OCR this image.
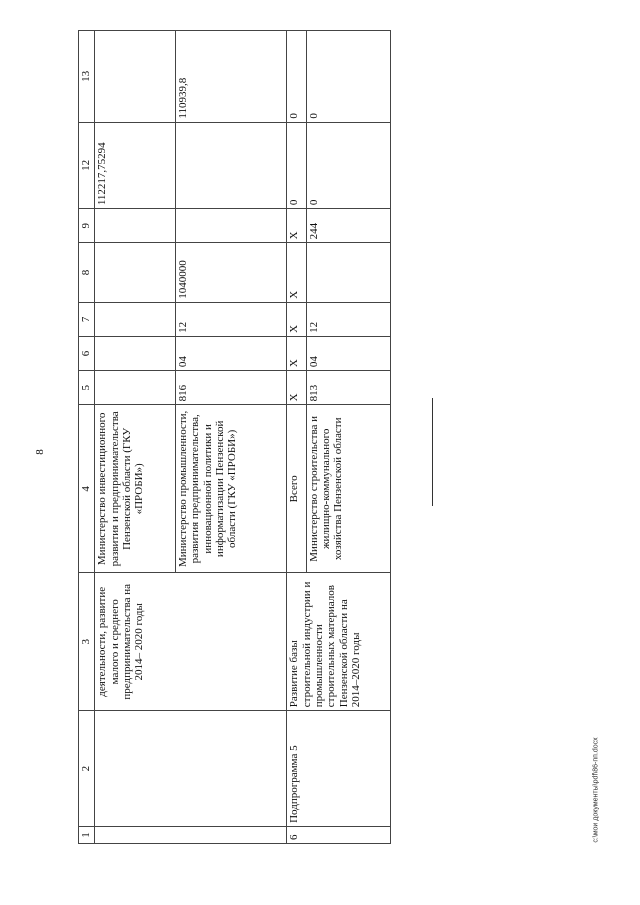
8
c:\мои документы\pdf\86-пп.docx
1	2	3	4	5	6	7	8	9	12	13
		деятельности, развитие малого и среднего предпринимательства на 2014– 2020 годы	Министерство инвестиционного развития и предпринимательства Пензенской области (ГКУ «ПРОБИ»)						112217,75294	
			Министерство промышленности, развития предпринимательства, инновационной политики и информатизации Пензенской области (ГКУ «ПРОБИ»)	816	04	12	1040000			110939,8
6	Подпрограмма 5	Развитие базы строительной индустрии и промышленности строительных материалов Пензенской области на 2014–2020 годы	Всего	Х	Х	Х	Х	Х	0	0
			Министерство строительства и жилищно-коммунального хозяйства Пензенской области	813	04	12		244	0	0
